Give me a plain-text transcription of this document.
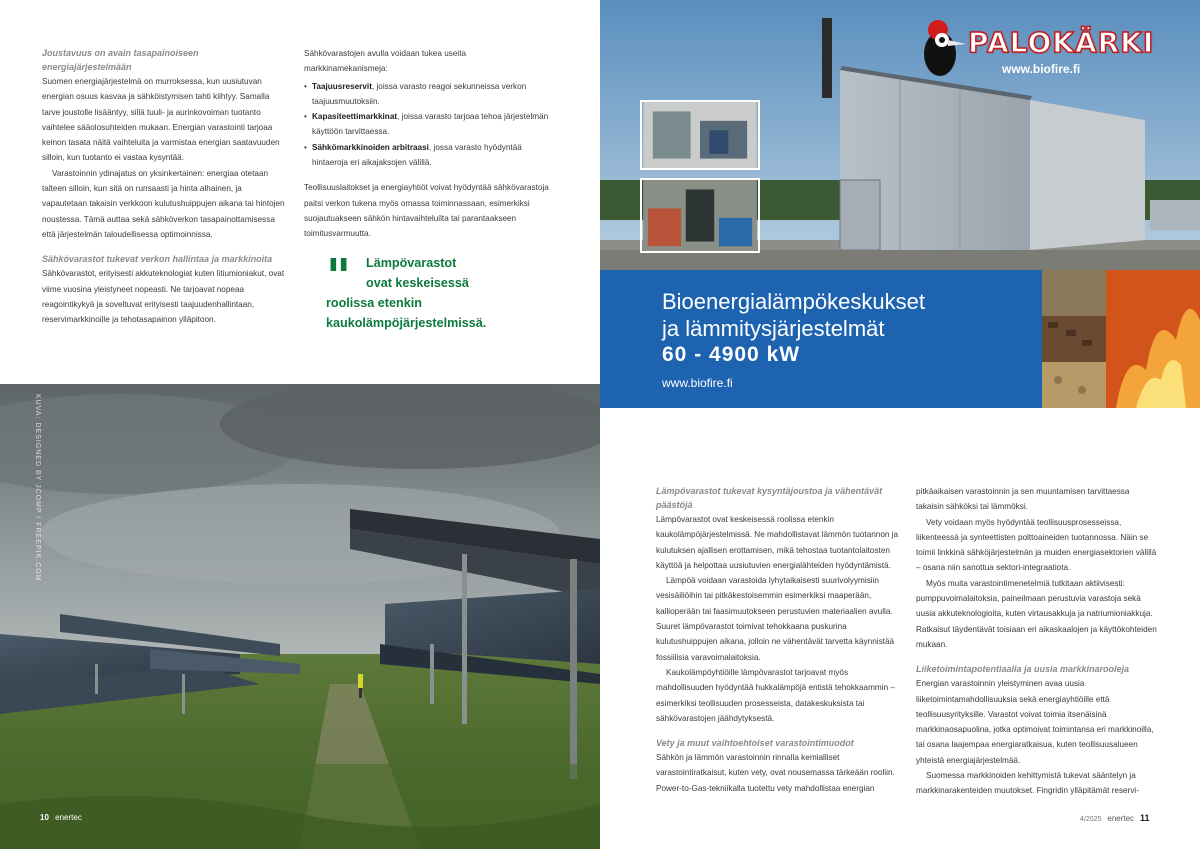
Joustavuus on avain tasapainoiseen energiajärjestelmään

Suomen energiajärjestelmä on murroksessa, kun uusiutuvan energian osuus kasvaa ja sähköistymisen tahti kiihtyy. Samalla tarve joustolle lisääntyy, sillä tuuli- ja aurinkovoiman tuotanto vaihtelee sääolosuhteiden mukaan. Energian varastointi tarjoaa keinon tasata näitä vaihteluita ja varmistaa energian saatavuuden silloin, kun tuotanto ei vastaa kysyntää.

Varastoinnin ydinajatus on yksinkertainen: energiaa otetaan talteen silloin, kun sitä on runsaasti ja hinta alhainen, ja vapautetaan takaisin verkkoon kulutushuippujen aikana tai hintojen noustessa. Tämä auttaa sekä sähköverkon tasapainottamisessa että järjestelmän taloudellisessa optimoinnissa.

Sähkövarastot tukevat verkon hallintaa ja markkinoita

Sähkövarastot, erityisesti akkuteknologiat kuten litiumioniakut, ovat viime vuosina yleistyneet nopeasti. Ne tarjoavat nopeaa reagointikykyä ja soveltuvat erityisesti taajuudenhallintaan, reservimarkkinoille ja tehotasapainon ylläpitoon.

Sähkövarastojen avulla voidaan tukea useita markkinamekanismeja:

• Taajuusreservit, joissa varasto reagoi sekunneissa verkon taajuusmuutoksiin.
• Kapasiteettimarkkinat, joissa varasto tarjoaa tehoa järjestelmän käyttöön tarvittaessa.
• Sähkömarkkinoiden arbitraasi, jossa varasto hyödyntää hintaeroja eri aikajaksojen välillä.

Teollisuuslaitokset ja energiayhtiöt voivat hyödyntää sähkövarastoja paitsi verkon tukena myös omassa toiminnassaan, esimerkiksi suojautuakseen sähkön hintavaihteluilta tai parantaakseen toimitusvarmuutta.

"	Lämpövarastot
ovat keskeisessä
roolissa etenkin
kaukolämpöjärjestelmissä.
KUVA: DESIGNED BY JCOMP / FREEPIK.COM
10 enertec
PALOKÄRKI
www.biofire.fi
Bioenergialämpökeskukset
ja lämmitysjärjestelmät
60 - 4900 kW
www.biofire.fi
Lämpövarastot tukevat kysyntäjoustoa ja vähentävät päästöjä

Lämpövarastot ovat keskeisessä roolissa etenkin kaukolämpöjärjestelmissä. Ne mahdollistavat lämmön tuotannon ja kulutuksen ajallisen erottamisen, mikä tehostaa tuotantolaitosten käyttöä ja helpottaa uusiutuvien energialähteiden hyödyntämistä.

Lämpöä voidaan varastoida lyhytaikaisesti suurivolyymisiin vesisäiliöihin tai pitkäkestoisemmin esimerkiksi maaperään, kallioperään tai faasimuutokseen perustuvien materiaalien avulla. Suuret lämpövarastot toimivat tehokkaana puskurina kulutushuippujen aikana, jolloin ne vähentävät tarvetta käynnistää fossiilisia varavoimalaitoksia.

Kaukolämpöyhtiöille lämpövarastot tarjoavat myös mahdollisuuden hyödyntää hukkalämpöjä entistä tehokkaammin – esimerkiksi teollisuuden prosesseista, datakeskuksista tai sähkövarastojen jäähdytyksestä.

Vety ja muut vaihtoehtoiset varastointimuodot

Sähkön ja lämmön varastoinnin rinnalla kemialliset varastointiratkaisut, kuten vety, ovat nousemassa tärkeään rooliin. Power-to-Gas-tekniikalla tuotettu vety mahdollistaa energian

pitkäaikaisen varastoinnin ja sen muuntamisen tarvittaessa takaisin sähköksi tai lämmöksi.

Vety voidaan myös hyödyntää teollisuusprosesseissa, liikenteessä ja synteettisten polttoaineiden tuotannossa. Näin se toimii linkkinä sähköjärjestelmän ja muiden energiasektorien välillä – osana niin sanottua sektori-integraatiota.

Myös muita varastointimenetelmiä tutkitaan aktiivisesti: pumppuvoimalaitoksia, paineilmaan perustuvia varastoja sekä uusia akkuteknologioita, kuten virtausakkuja ja natriumioniakkuja. Ratkaisut täydentävät toisiaan eri aikaskaalojen ja käyttökohteiden mukaan.

Liiketoimintapotentiaalia ja uusia markkinarooleja

Energian varastoinnin yleistyminen avaa uusia liiketoimintamahdollisuuksia sekä energiayhtiöille että teollisuusyrityksille. Varastot voivat toimia itsenäisinä markkinaosapuolina, jotka optimoivat toimintansa eri markkinoilla, tai osana laajempaa energiaratkaisua, kuten teollisuusalueen yhteistä energiajärjestelmää.

Suomessa markkinoiden kehittymistä tukevat sääntelyn ja markkinarakenteiden muutokset. Fingridin ylläpitämät reservi-

4/2025 enertec 11
